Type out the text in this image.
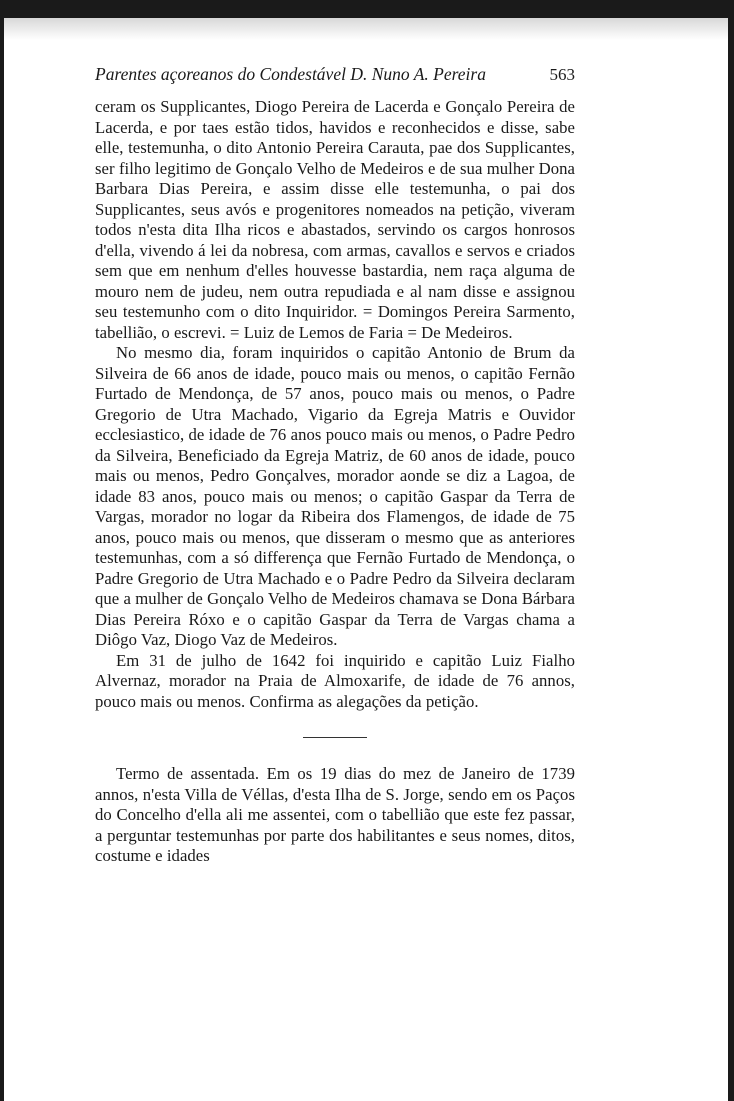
Parentes açoreanos do Condestável D. Nuno A. Pereira	563

ceram os Supplicantes, Diogo Pereira de Lacerda e Gonçalo Pereira de Lacerda, e por taes estão tidos, havidos e reconhecidos e disse, sabe elle, testemunha, o dito Antonio Pereira Carauta, pae dos Supplicantes, ser filho legitimo de Gonçalo Velho de Medeiros e de sua mulher Dona Barbara Dias Pereira, e assim disse elle testemunha, o pai dos Supplicantes, seus avós e progenitores nomeados na petição, viveram todos n'esta dita Ilha ricos e abastados, servindo os cargos honrosos d'ella, vivendo á lei da nobresa, com armas, cavallos e servos e criados sem que em nenhum d'elles houvesse bastardia, nem raça alguma de mouro nem de judeu, nem outra repudiada e al nam disse e assignou seu testemunho com o dito Inquiridor. = Domingos Pereira Sarmento, tabellião, o escrevi. = Luiz de Lemos de Faria = De Medeiros.

No mesmo dia, foram inquiridos o capitão Antonio de Brum da Silveira de 66 anos de idade, pouco mais ou menos, o capitão Fernão Furtado de Mendonça, de 57 anos, pouco mais ou menos, o Padre Gregorio de Utra Machado, Vigario da Egreja Matris e Ouvidor ecclesiastico, de idade de 76 anos pouco mais ou menos, o Padre Pedro da Silveira, Beneficiado da Egreja Matriz, de 60 anos de idade, pouco mais ou menos, Pedro Gonçalves, morador aonde se diz a Lagoa, de idade 83 anos, pouco mais ou menos; o capitão Gaspar da Terra de Vargas, morador no logar da Ribeira dos Flamengos, de idade de 75 anos, pouco mais ou menos, que disseram o mesmo que as anteriores testemunhas, com a só differença que Fernão Furtado de Mendonça, o Padre Gregorio de Utra Machado e o Padre Pedro da Silveira declaram que a mulher de Gonçalo Velho de Medeiros chamava se Dona Bárbara Dias Pereira Róxo e o capitão Gaspar da Terra de Vargas chama a Diôgo Vaz, Diogo Vaz de Medeiros.

Em 31 de julho de 1642 foi inquirido e capitão Luiz Fialho Alvernaz, morador na Praia de Almoxarife, de idade de 76 annos, pouco mais ou menos. Confirma as alegações da petição.

Termo de assentada. Em os 19 dias do mez de Janeiro de 1739 annos, n'esta Villa de Véllas, d'esta Ilha de S. Jorge, sendo em os Paços do Concelho d'ella ali me assentei, com o tabellião que este fez passar, a perguntar testemunhas por parte dos habilitantes e seus nomes, ditos, costume e idades
